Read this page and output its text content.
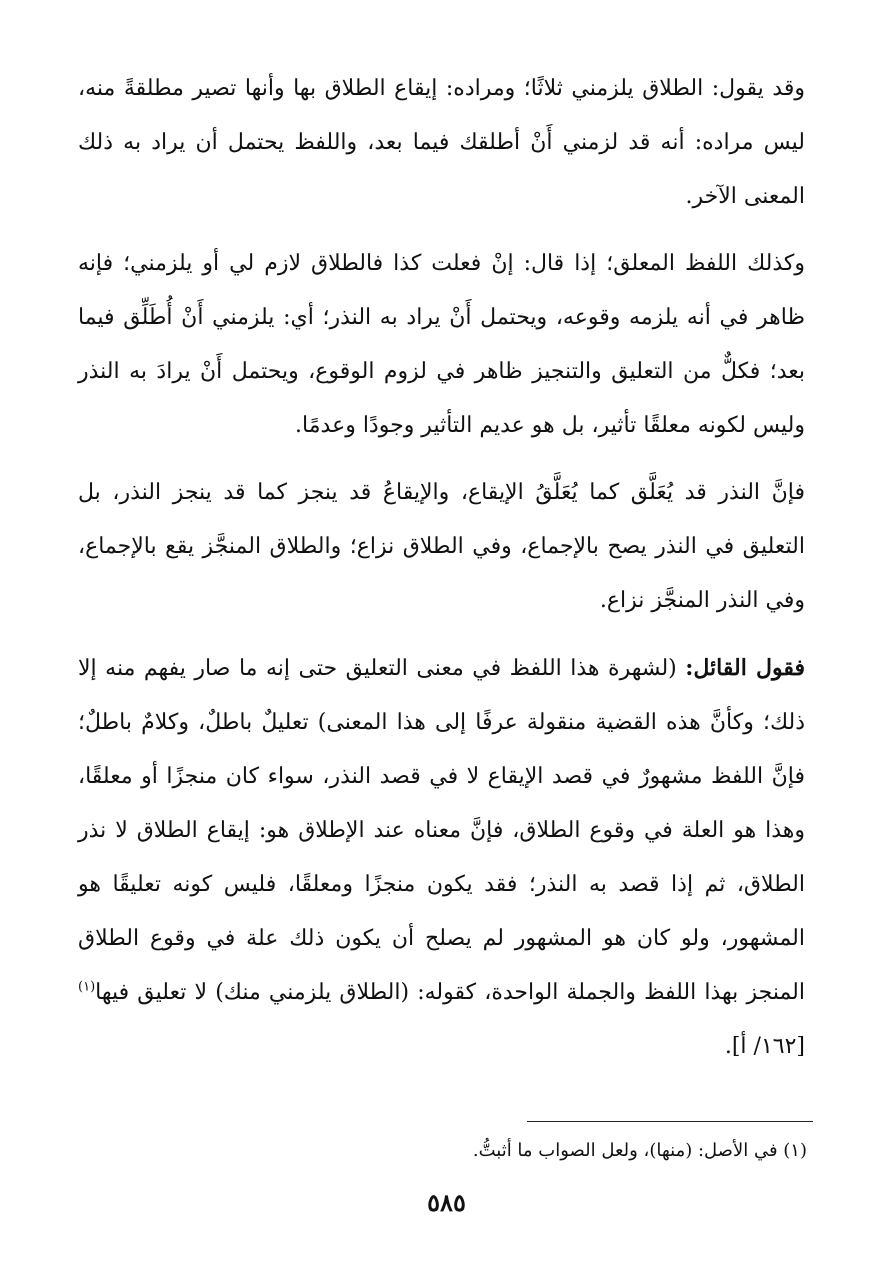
وقد يقول: الطلاق يلزمني ثلاثًا؛ ومراده: إيقاع الطلاق بها وأنها تصير مطلقةً منه، ليس مراده: أنه قد لزمني أَنْ أطلقك فيما بعد، واللفظ يحتمل أن يراد به ذلك المعنى الآخر.

وكذلك اللفظ المعلق؛ إذا قال: إنْ فعلت كذا فالطلاق لازم لي أو يلزمني؛ فإنه ظاهر في أنه يلزمه وقوعه، ويحتمل أَنْ يراد به النذر؛ أي: يلزمني أَنْ أُطَلِّق فيما بعد؛ فكلٌّ من التعليق والتنجيز ظاهر في لزوم الوقوع، ويحتمل أَنْ يرادَ به النذر وليس لكونه معلقًا تأثير، بل هو عديم التأثير وجودًا وعدمًا.

فإنَّ النذر قد يُعَلَّق كما يُعَلَّقُ الإيقاع، والإيقاعُ قد ينجز كما قد ينجز النذر، بل التعليق في النذر يصح بالإجماع، وفي الطلاق نزاع؛ والطلاق المنجَّز يقع بالإجماع، وفي النذر المنجَّز نزاع.

فقول القائل: (لشهرة هذا اللفظ في معنى التعليق حتى إنه ما صار يفهم منه إلا ذلك؛ وكأنَّ هذه القضية منقولة عرفًا إلى هذا المعنى) تعليلٌ باطلٌ، وكلامٌ باطلٌ؛ فإنَّ اللفظ مشهورٌ في قصد الإيقاع لا في قصد النذر، سواء كان منجزًا أو معلقًا، وهذا هو العلة في وقوع الطلاق، فإنَّ معناه عند الإطلاق هو: إيقاع الطلاق لا نذر الطلاق، ثم إذا قصد به النذر؛ فقد يكون منجزًا ومعلقًا، فليس كونه تعليقًا هو المشهور، ولو كان هو المشهور لم يصلح أن يكون ذلك علة في وقوع الطلاق المنجز بهذا اللفظ والجملة الواحدة، كقوله: (الطلاق يلزمني منك) لا تعليق فيها$^{(١)}$ [١٦٢/ أ].

(١) في الأصل: (منها)، ولعل الصواب ما أثبتُّ.
٥٨٥
